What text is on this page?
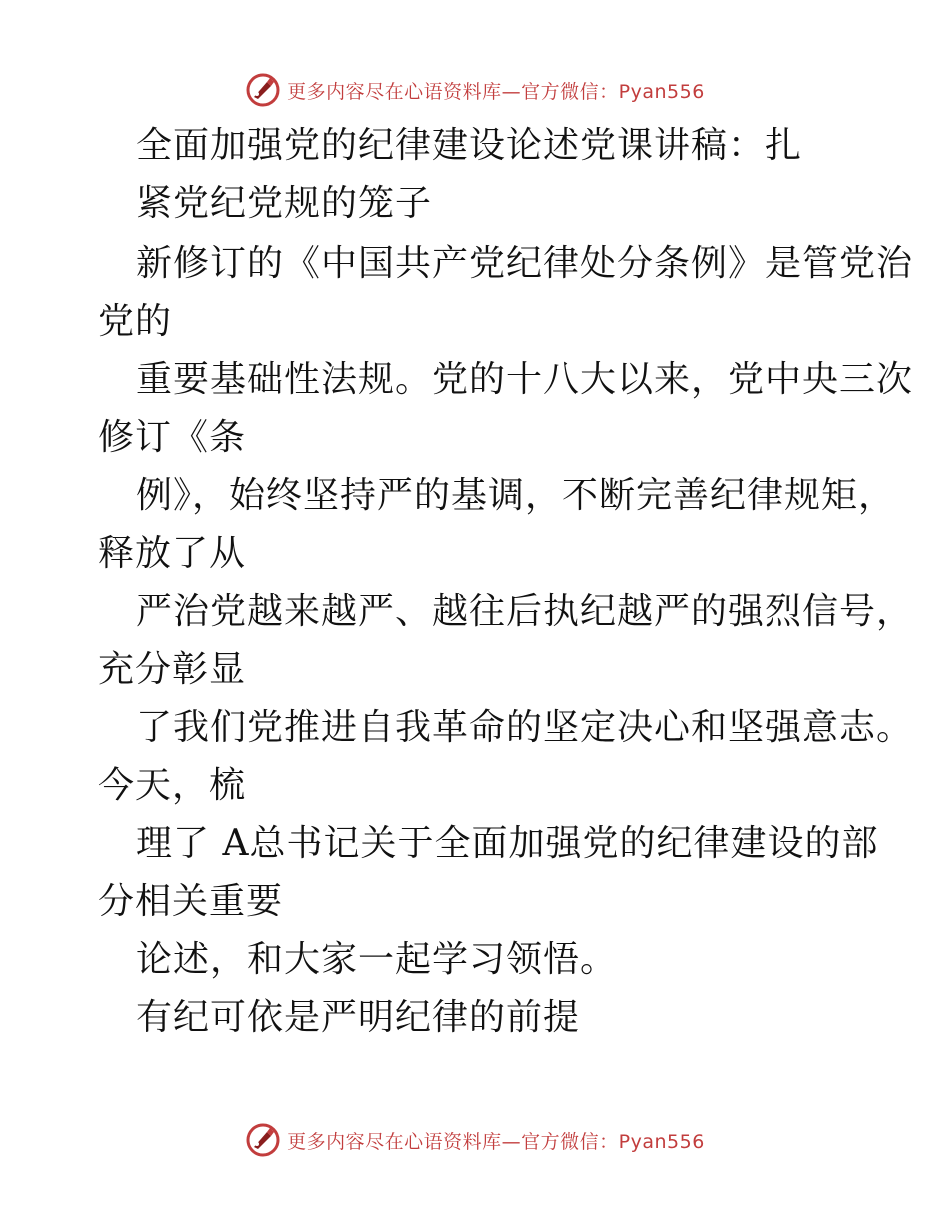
更多内容尽在心语资料库—官方微信：Pyan556
全面加强党的纪律建设论述党课讲稿：扎
紧党纪党规的笼子
新修订的《中国共产党纪律处分条例》是管党治
党的
重要基础性法规。党的十八大以来，党中央三次
修订《条
例》，始终坚持严的基调，不断完善纪律规矩，
释放了从
严治党越来越严、越往后执纪越严的强烈信号，
充分彰显
了我们党推进自我革命的坚定决心和坚强意志。
今天，梳
理了 A总书记关于全面加强党的纪律建设的部
分相关重要
论述，和大家一起学习领悟。
有纪可依是严明纪律的前提
更多内容尽在心语资料库—官方微信：Pyan556
